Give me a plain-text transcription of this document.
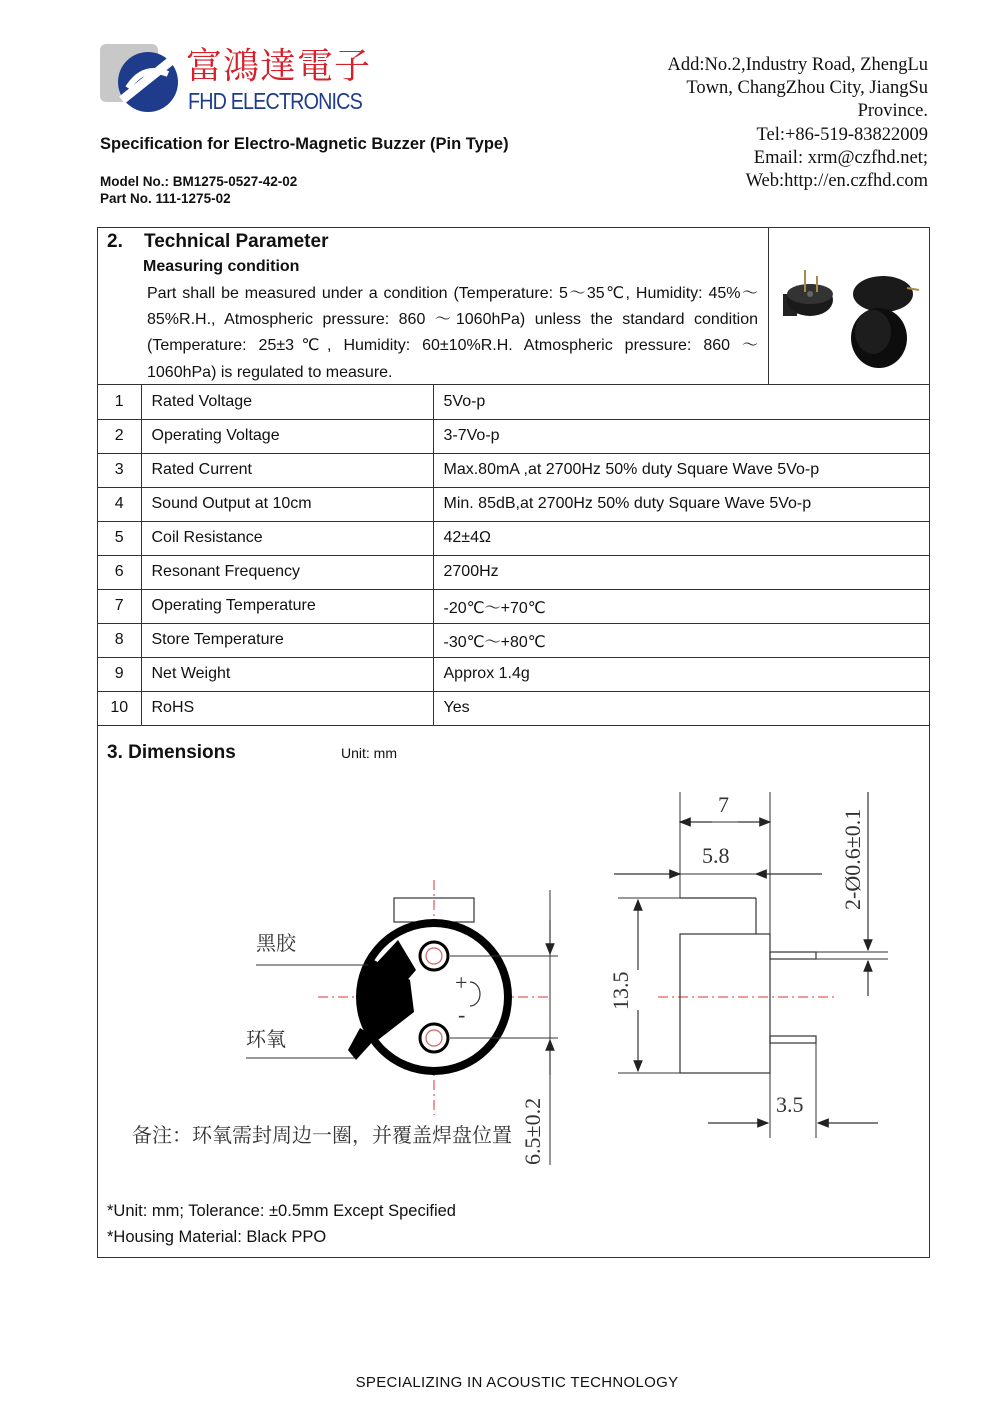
富鴻達電子
FHD ELECTRONICS
Specification for Electro-Magnetic Buzzer (Pin Type)
Model No.: BM1275-0527-42-02
Part No. 111-1275-02
Add:No.2,Industry Road, ZhengLu
Town, ChangZhou City, JiangSu
Province.
Tel:+86-519-83822009
Email: xrm@czfhd.net;
Web:http://en.czfhd.com
2. Technical Parameter
Measuring condition
Part shall be measured under a condition (Temperature: 5～35℃, Humidity: 45%～85%R.H., Atmospheric pressure: 860 ～1060hPa) unless the standard condition (Temperature: 25±3℃, Humidity: 60±10%R.H. Atmospheric pressure: 860 ～1060hPa) is regulated to measure.
1	Rated Voltage	5Vo-p
2	Operating Voltage	3-7Vo-p
3	Rated Current	Max.80mA ,at 2700Hz 50% duty Square Wave 5Vo-p
4	Sound Output at 10cm	Min. 85dB,at 2700Hz 50% duty Square Wave 5Vo-p
5	Coil Resistance	42±4Ω
6	Resonant Frequency	2700Hz
7	Operating Temperature	-20℃～+70℃
8	Store Temperature	-30℃～+80℃
9	Net Weight	Approx 1.4g
10	RoHS	Yes
3. Dimensions	Unit: mm
+
-
黑胶
环氧
备注：环氧需封周边一圈，并覆盖焊盘位置 6.5±0.2
7
5.8
13.5
3.5
2-Ø0.6±0.1
*Unit: mm; Tolerance: ±0.5mm Except Specified
*Housing Material: Black PPO
SPECIALIZING IN ACOUSTIC TECHNOLOGY
